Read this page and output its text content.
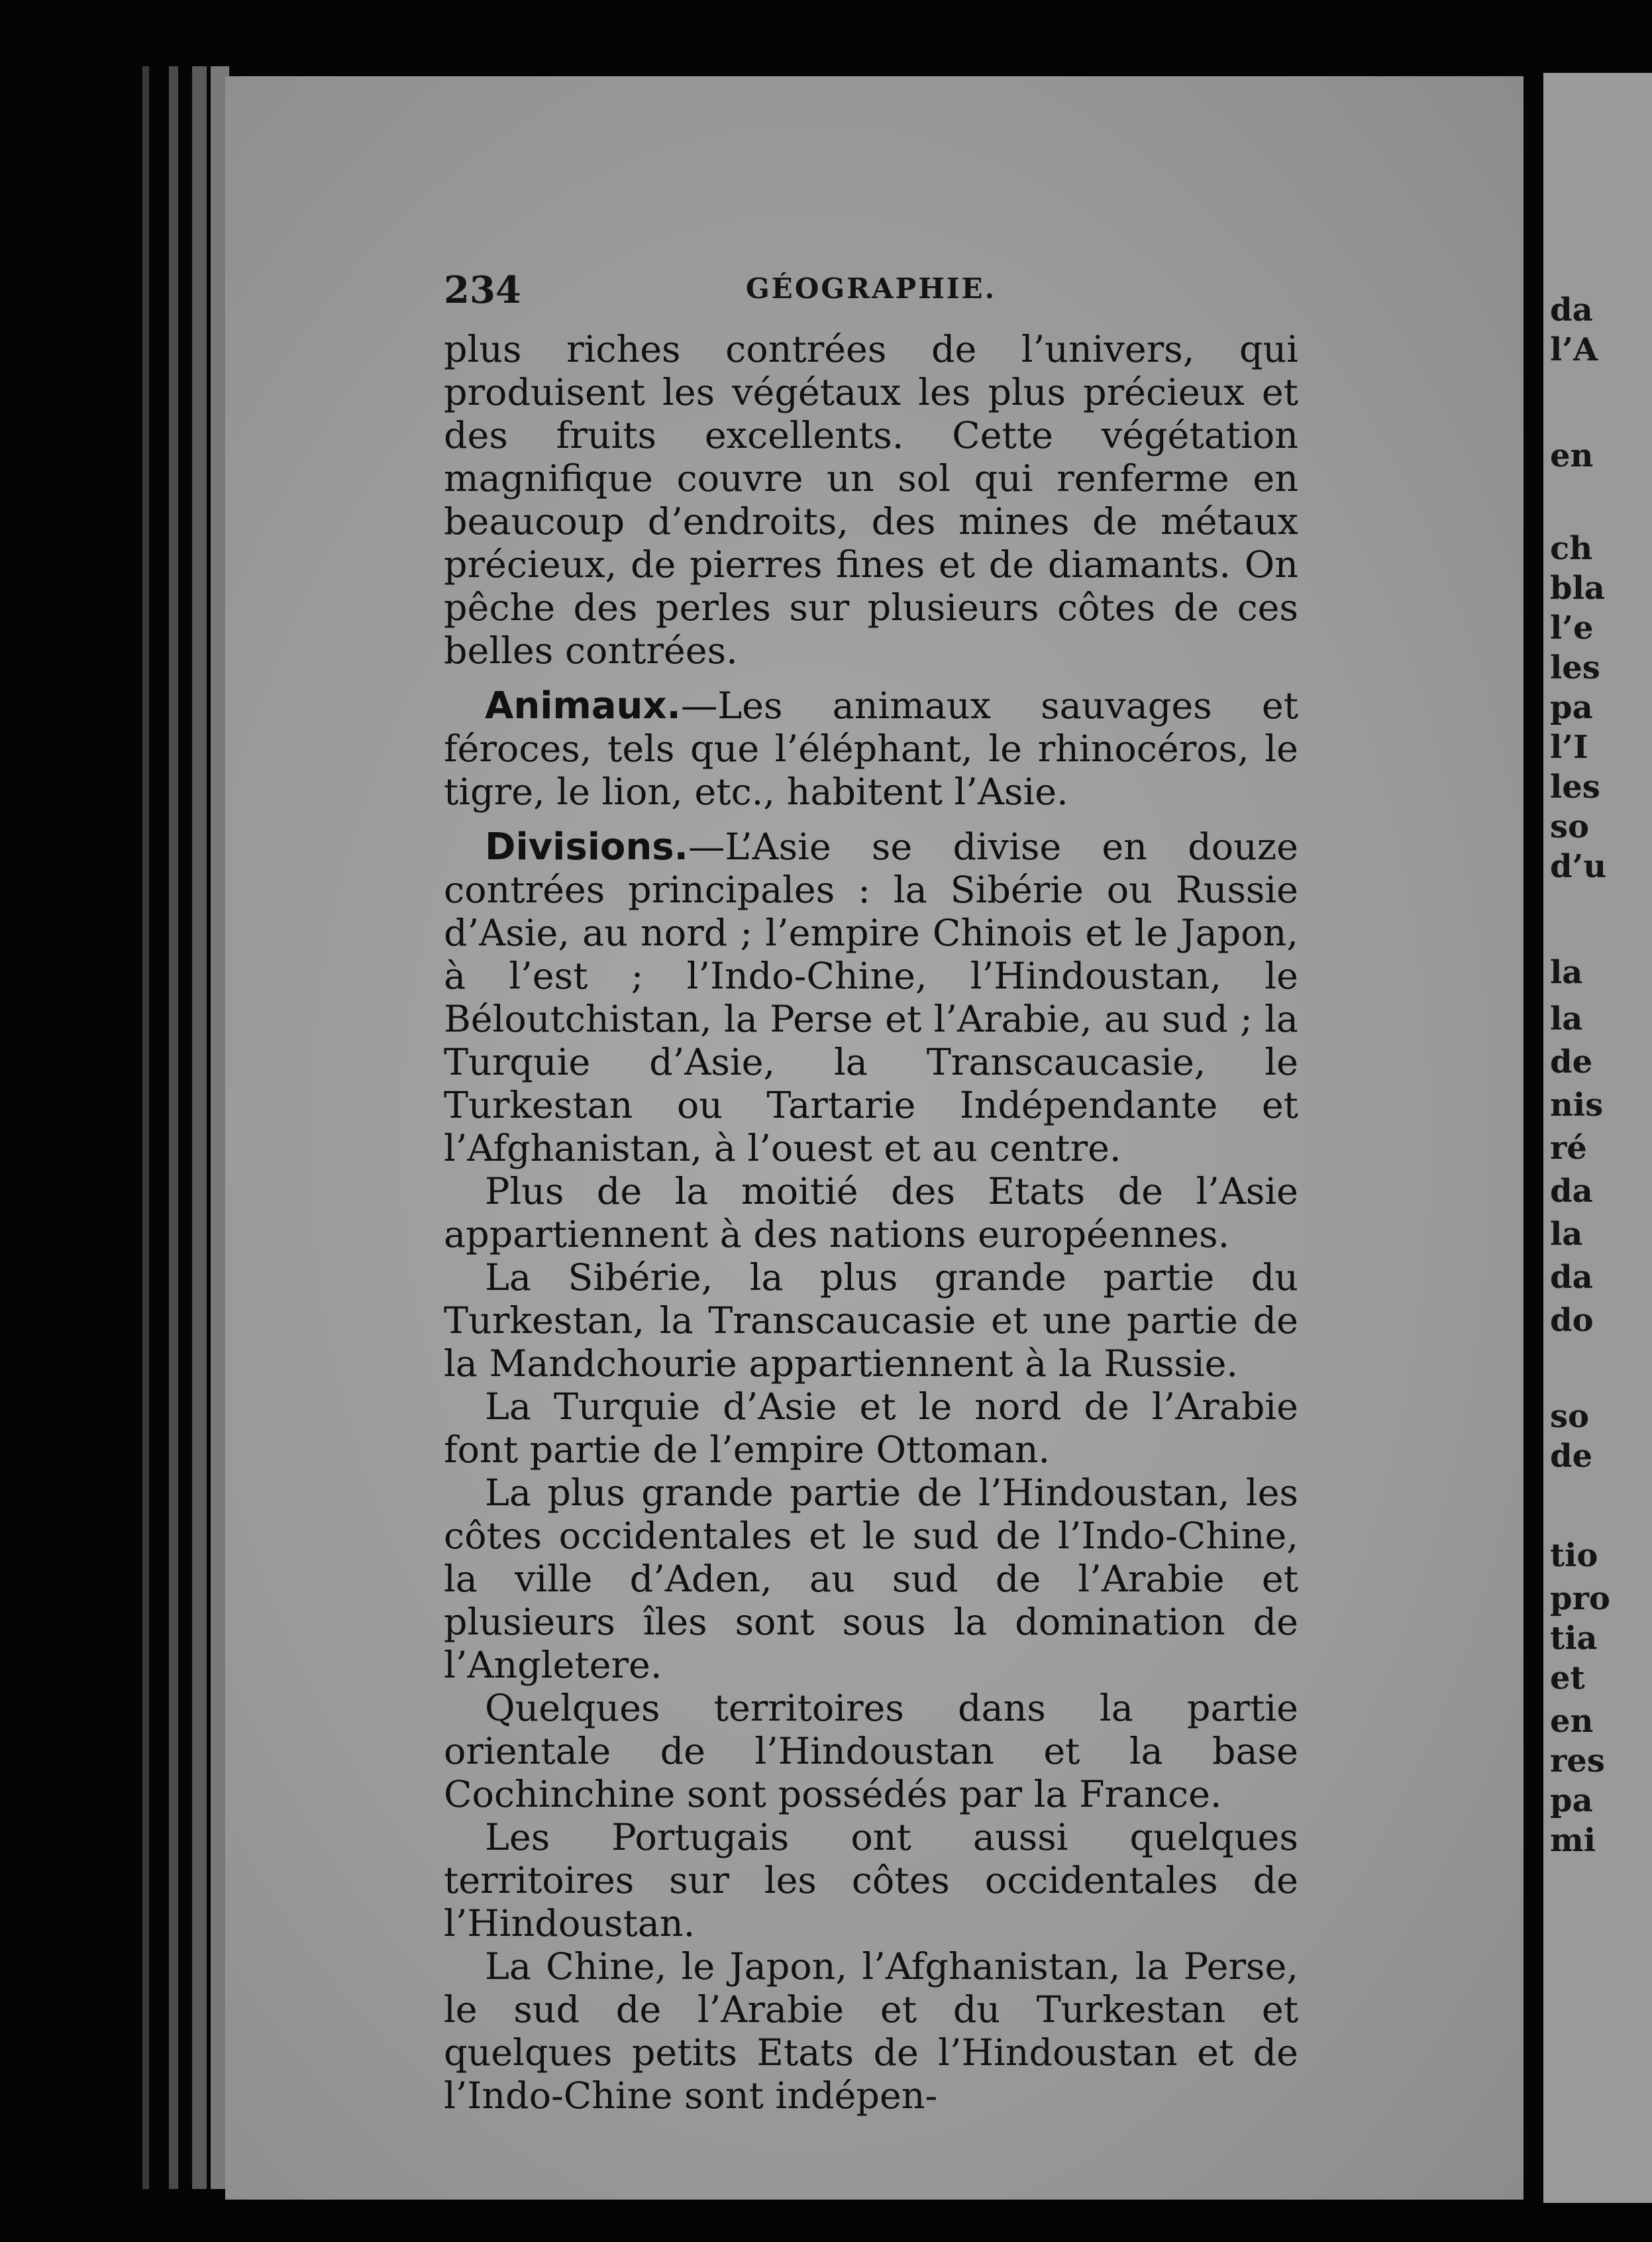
234	GÉOGRAPHIE.

plus riches contrées de l’univers, qui produisent les végétaux les plus précieux et des fruits excellents. Cette végétation magnifique couvre un sol qui renferme en beaucoup d’endroits, des mines de métaux précieux, de pierres fines et de diamants. On pêche des perles sur plusieurs côtes de ces belles contrées.

Animaux.—Les animaux sauvages et féroces, tels que l’éléphant, le rhinocéros, le tigre, le lion, etc., habitent l’Asie.

Divisions.—L’Asie se divise en douze contrées principales : la Sibérie ou Russie d’Asie, au nord ; l’empire Chinois et le Japon, à l’est ; l’Indo-Chine, l’Hindoustan, le Béloutchistan, la Perse et l’Arabie, au sud ; la Turquie d’Asie, la Transcaucasie, le Turkestan ou Tartarie Indépendante et l’Afghanistan, à l’ouest et au centre.

Plus de la moitié des Etats de l’Asie appartiennent à des nations européennes.

La Sibérie, la plus grande partie du Turkestan, la Transcaucasie et une partie de la Mandchourie appartiennent à la Russie.

La Turquie d’Asie et le nord de l’Arabie font partie de l’empire Ottoman.

La plus grande partie de l’Hindoustan, les côtes occidentales et le sud de l’Indo-Chine, la ville d’Aden, au sud de l’Arabie et plusieurs îles sont sous la domination de l’Angletere.

Quelques territoires dans la partie orientale de l’Hindoustan et la base Cochinchine sont possédés par la France.

Les Portugais ont aussi quelques territoires sur les côtes occidentales de l’Hindoustan.

La Chine, le Japon, l’Afghanistan, la Perse, le sud de l’Arabie et du Turkestan et quelques petits Etats de l’Hindoustan et de l’Indo-Chine sont indépen-

da
l’A
en
ch
bla
l’e
les
pa
l’I
les
so
d’u
la
la
de
nis
ré
da
la
da
do
so
de
tio
pro
tia
et
en
res
pa
mi
